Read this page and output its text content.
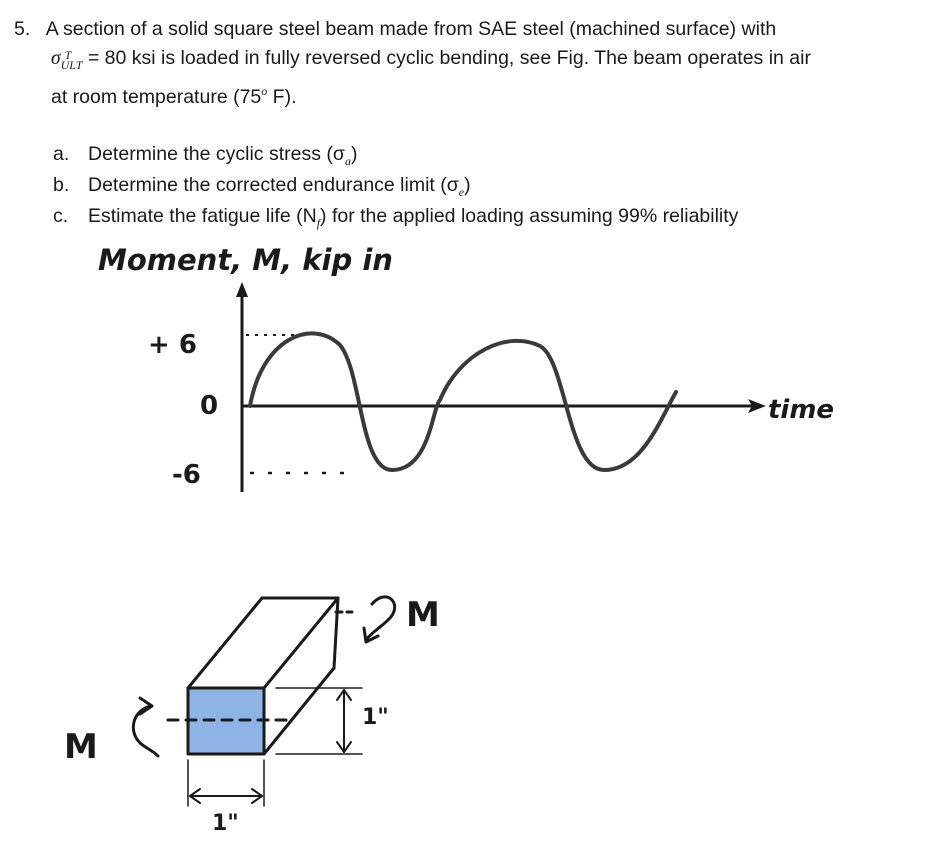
5. A section of a solid square steel beam made from SAE steel (machined surface) with
σ $_{T ULT}$ = 80 ksi is loaded in fully reversed cyclic bending, see Fig. The beam operates in air
at room temperature (75$^o$ F).
a. Determine the cyclic stress $(\sigma_a)$
b. Determine the corrected endurance limit $(\sigma_e)$
c. Estimate the fatigue life $(N_f)$ for the applied loading assuming 99% reliability
Moment, M, kip in
+ 6
0
-6
time
M
M
1"
1"
